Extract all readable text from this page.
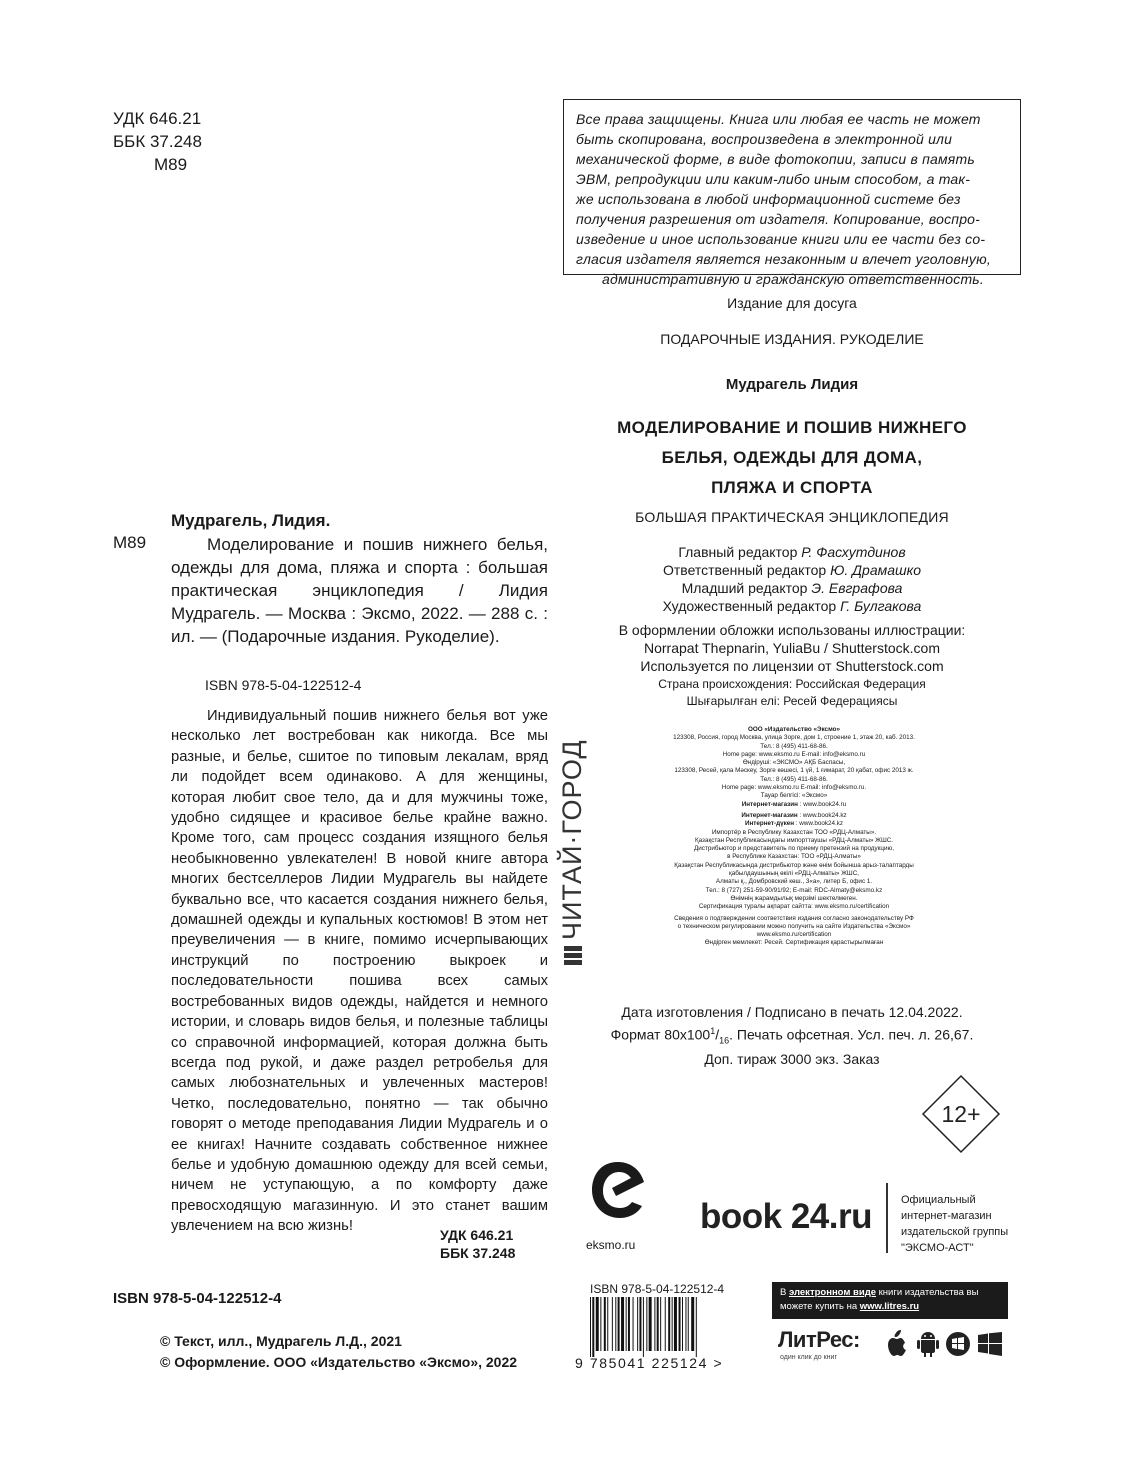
УДК 646.21
ББК 37.248
М89
Все права защищены. Книга или любая ее часть не может
быть скопирована, воспроизведена в электронной или
механической форме, в виде фотокопии, записи в память
ЭВМ, репродукции или каким-либо иным способом, а так-
же использована в любой информационной системе без
получения разрешения от издателя. Копирование, воспро-
изведение и иное использование книги или ее части без со-
гласия издателя является незаконным и влечет уголовную,
административную и гражданскую ответственность.
Издание для досуга
ПОДАРОЧНЫЕ ИЗДАНИЯ. РУКОДЕЛИЕ
Мудрагель Лидия
МОДЕЛИРОВАНИЕ И ПОШИВ НИЖНЕГО
БЕЛЬЯ, ОДЕЖДЫ ДЛЯ ДОМА,
ПЛЯЖА И СПОРТА
БОЛЬШАЯ ПРАКТИЧЕСКАЯ ЭНЦИКЛОПЕДИЯ
Главный редактор Р. Фасхутдинов
Ответственный редактор Ю. Драмашко
Младший редактор Э. Евграфова
Художественный редактор Г. Булгакова
В оформлении обложки использованы иллюстрации:
Norrapat Thepnarin, YuliaBu / Shutterstock.com
Используется по лицензии от Shutterstock.com
Страна происхождения: Российская Федерация
Шығарылған елі: Ресей Федерациясы
ООО «Издательство «Эксмо»
123308, Россия, город Москва, улица Зорге, дом 1, строение 1, этаж 20, каб. 2013.
Тел.: 8 (495) 411-68-86.
Home page: www.eksmo.ru E-mail: info@eksmo.ru
Өндіруші: «ЭКСМО» АҚБ Баспасы,
123308, Ресей, қала Мәскеу, Зорге көшесі, 1 үй, 1 ғимарат, 20 қабат, офис 2013 ж.
Тел.: 8 (495) 411-68-86.
Home page: www.eksmo.ru E-mail: info@eksmo.ru.
Тауар белгісі: «Эксмо»
Интернет-магазин : www.book24.ru
Интернет-магазин : www.book24.kz
Интернет-дүкен : www.book24.kz
Импортёр в Республику Казахстан ТОО «РДЦ-Алматы».
Қазақстан Республикасындағы импорттаушы «РДЦ-Алматы» ЖШС.
Дистрибьютор и представитель по приему претензий на продукцию,
в Республике Казахстан: ТОО «РДЦ-Алматы»
Қазақстан Республикасында дистрибьютор және өнім бойынша арыз-талаптарды
қабылдаушының өкілі «РДЦ-Алматы» ЖШС,
Алматы қ., Домбровский көш., 3«а», литер Б, офис 1.
Тел.: 8 (727) 251-59-90/91/92; E-mail: RDC-Almaty@eksmo.kz
Өнімнің жарамдылық мерзімі шектелмеген.
Сертификация туралы ақпарат сайтта: www.eksmo.ru/certification
Сведения о подтверждении соответствия издания согласно законодательству РФ
о техническом регулировании можно получить на сайте Издательства «Эксмо»
www.eksmo.ru/certification
Өндірген мемлекет: Ресей. Сертификация қарастырылмаған
ЧИТАЙ·ГОРОД
Дата изготовления / Подписано в печать 12.04.2022.
Формат $80x100^1/_{16}$. Печать офсетная. Усл. печ. л. 26,67.
Доп. тираж 3000 экз. Заказ
12+
Мудрагель, Лидия.
М89	Моделирование и пошив нижнего белья, одежды для дома, пляжа и спорта : большая практическая энциклопедия / Лидия Мудрагель. — Москва : Эксмо, 2022. — 288 с. : ил. — (Подарочные издания. Рукоделие).
ISBN 978-5-04-122512-4
Индивидуальный пошив нижнего белья вот уже несколько лет востребован как никогда. Все мы разные, и белье, сшитое по типовым лекалам, вряд ли подойдет всем одинаково. А для женщины, которая любит свое тело, да и для мужчины тоже, удобно сидящее и красивое белье крайне важно. Кроме того, сам процесс создания изящного белья необыкновенно увлекателен! В новой книге автора многих бестселлеров Лидии Мудрагель вы найдете буквально все, что касается создания нижнего белья, домашней одежды и купальных костюмов! В этом нет преувеличения — в книге, помимо исчерпывающих инструкций по построению выкроек и последовательности пошива всех самых востребованных видов одежды, найдется и немного истории, и словарь видов белья, и полезные таблицы со справочной информацией, которая должна быть всегда под рукой, и даже раздел ретробелья для самых любознательных и увлеченных мастеров! Четко, последовательно, понятно — так обычно говорят о методе преподавания Лидии Мудрагель и о ее книгах! Начните создавать собственное нижнее белье и удобную домашнюю одежду для всей семьи, ничем не уступающую, а по комфорту даже превосходящую магазинную. И это станет вашим увлечением на всю жизнь!
УДК 646.21
ББК 37.248
ISBN 978-5-04-122512-4
© Текст, илл., Мудрагель Л.Д., 2021
© Оформление. ООО «Издательство «Эксмо», 2022
eksmo.ru
book 24.ru	Официальный
интернет-магазин
издательской группы
"ЭКСМО-АСТ"
ISBN 978-5-04-122512-4
9 785041 225124 >
В электронном виде книги издательства вы можете купить на www.litres.ru
ЛитРес:
один клик до книг
